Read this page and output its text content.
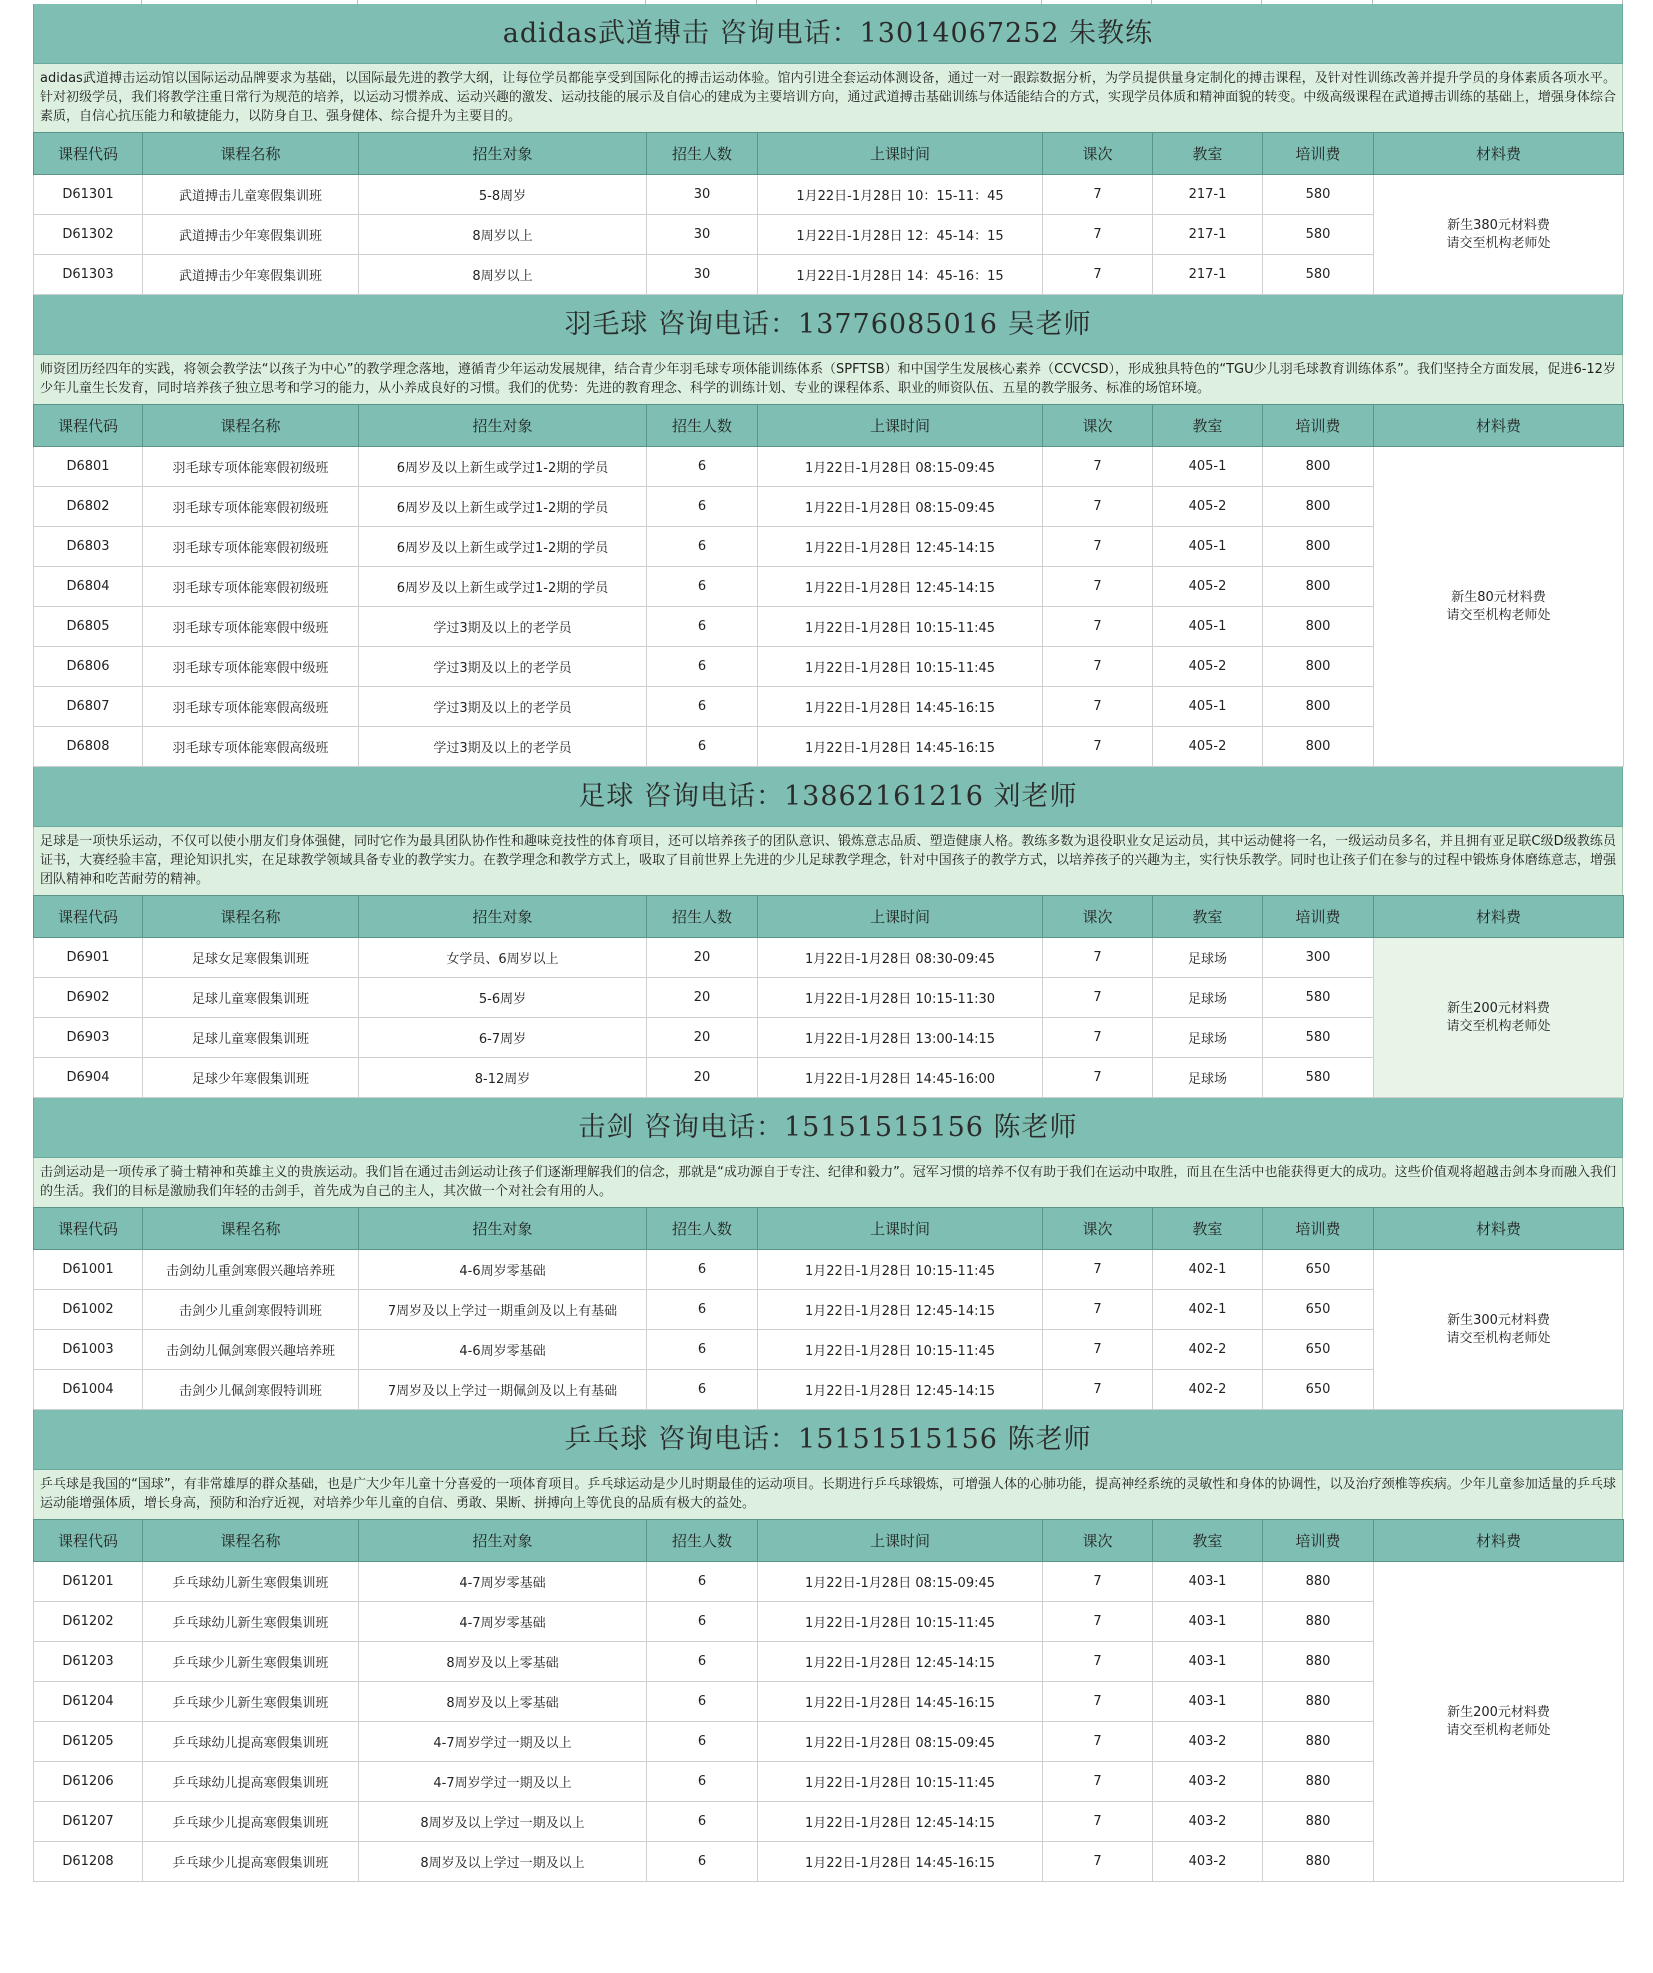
adidas武道搏击 咨询电话：13014067252 朱教练
adidas武道搏击运动馆以国际运动品牌要求为基础，以国际最先进的教学大纲，让每位学员都能享受到国际化的搏击运动体验。馆内引进全套运动体测设备，通过一对一跟踪数据分析，为学员提供量身定制化的搏击课程，及针对性训练改善并提升学员的身体素质各项水平。针对初级学员，我们将教学注重日常行为规范的培养，以运动习惯养成、运动兴趣的激发、运动技能的展示及自信心的建成为主要培训方向，通过武道搏击基础训练与体适能结合的方式，实现学员体质和精神面貌的转变。中级高级课程在武道搏击训练的基础上，增强身体综合素质，自信心抗压能力和敏捷能力，以防身自卫、强身健体、综合提升为主要目的。
课程代码	课程名称	招生对象	招生人数	上课时间	课次	教室	培训费	材料费
D61301	武道搏击儿童寒假集训班	5-8周岁	30	1月22日-1月28日 10：15-11：45	7	217-1	580	新生380元材料费
请交至机构老师处
D61302	武道搏击少年寒假集训班	8周岁以上	30	1月22日-1月28日 12：45-14：15	7	217-1	580	
D61303	武道搏击少年寒假集训班	8周岁以上	30	1月22日-1月28日 14：45-16：15	7	217-1	580	
羽毛球 咨询电话：13776085016 吴老师
师资团历经四年的实践，将领会教学法“以孩子为中心”的教学理念落地，遵循青少年运动发展规律，结合青少年羽毛球专项体能训练体系（SPFTSB）和中国学生发展核心素养（CCVCSD），形成独具特色的“TGU少儿羽毛球教育训练体系”。我们坚持全方面发展，促进6-12岁少年儿童生长发育，同时培养孩子独立思考和学习的能力，从小养成良好的习惯。我们的优势：先进的教育理念、科学的训练计划、专业的课程体系、职业的师资队伍、五星的教学服务、标准的场馆环境。
课程代码	课程名称	招生对象	招生人数	上课时间	课次	教室	培训费	材料费
D6801	羽毛球专项体能寒假初级班	6周岁及以上新生或学过1-2期的学员	6	1月22日-1月28日 08:15-09:45	7	405-1	800	新生80元材料费
请交至机构老师处
D6802	羽毛球专项体能寒假初级班	6周岁及以上新生或学过1-2期的学员	6	1月22日-1月28日 08:15-09:45	7	405-2	800	
D6803	羽毛球专项体能寒假初级班	6周岁及以上新生或学过1-2期的学员	6	1月22日-1月28日 12:45-14:15	7	405-1	800	
D6804	羽毛球专项体能寒假初级班	6周岁及以上新生或学过1-2期的学员	6	1月22日-1月28日 12:45-14:15	7	405-2	800	
D6805	羽毛球专项体能寒假中级班	学过3期及以上的老学员	6	1月22日-1月28日 10:15-11:45	7	405-1	800	
D6806	羽毛球专项体能寒假中级班	学过3期及以上的老学员	6	1月22日-1月28日 10:15-11:45	7	405-2	800	
D6807	羽毛球专项体能寒假高级班	学过3期及以上的老学员	6	1月22日-1月28日 14:45-16:15	7	405-1	800	
D6808	羽毛球专项体能寒假高级班	学过3期及以上的老学员	6	1月22日-1月28日 14:45-16:15	7	405-2	800	
足球 咨询电话：13862161216 刘老师
足球是一项快乐运动，不仅可以使小朋友们身体强健，同时它作为最具团队协作性和趣味竞技性的体育项目，还可以培养孩子的团队意识、锻炼意志品质、塑造健康人格。教练多数为退役职业女足运动员，其中运动健将一名，一级运动员多名，并且拥有亚足联C级D级教练员证书，大赛经验丰富，理论知识扎实，在足球教学领域具备专业的教学实力。在教学理念和教学方式上，吸取了目前世界上先进的少儿足球教学理念，针对中国孩子的教学方式，以培养孩子的兴趣为主，实行快乐教学。同时也让孩子们在参与的过程中锻炼身体磨练意志，增强团队精神和吃苦耐劳的精神。
课程代码	课程名称	招生对象	招生人数	上课时间	课次	教室	培训费	材料费
D6901	足球女足寒假集训班	女学员、6周岁以上	20	1月22日-1月28日 08:30-09:45	7	足球场	300	新生200元材料费
请交至机构老师处
D6902	足球儿童寒假集训班	5-6周岁	20	1月22日-1月28日 10:15-11:30	7	足球场	580	
D6903	足球儿童寒假集训班	6-7周岁	20	1月22日-1月28日 13:00-14:15	7	足球场	580	
D6904	足球少年寒假集训班	8-12周岁	20	1月22日-1月28日 14:45-16:00	7	足球场	580	
击剑 咨询电话：15151515156 陈老师
击剑运动是一项传承了骑士精神和英雄主义的贵族运动。我们旨在通过击剑运动让孩子们逐渐理解我们的信念，那就是“成功源自于专注、纪律和毅力”。冠军习惯的培养不仅有助于我们在运动中取胜，而且在生活中也能获得更大的成功。这些价值观将超越击剑本身而融入我们的生活。我们的目标是激励我们年轻的击剑手，首先成为自己的主人，其次做一个对社会有用的人。
课程代码	课程名称	招生对象	招生人数	上课时间	课次	教室	培训费	材料费
D61001	击剑幼儿重剑寒假兴趣培养班	4-6周岁零基础	6	1月22日-1月28日 10:15-11:45	7	402-1	650	新生300元材料费
请交至机构老师处
D61002	击剑少儿重剑寒假特训班	7周岁及以上学过一期重剑及以上有基础	6	1月22日-1月28日 12:45-14:15	7	402-1	650	
D61003	击剑幼儿佩剑寒假兴趣培养班	4-6周岁零基础	6	1月22日-1月28日 10:15-11:45	7	402-2	650	
D61004	击剑少儿佩剑寒假特训班	7周岁及以上学过一期佩剑及以上有基础	6	1月22日-1月28日 12:45-14:15	7	402-2	650	
乒乓球 咨询电话：15151515156 陈老师
乒乓球是我国的“国球”，有非常雄厚的群众基础，也是广大少年儿童十分喜爱的一项体育项目。乒乓球运动是少儿时期最佳的运动项目。长期进行乒乓球锻炼，可增强人体的心肺功能，提高神经系统的灵敏性和身体的协调性，以及治疗颈椎等疾病。少年儿童参加适量的乒乓球运动能增强体质，增长身高，预防和治疗近视，对培养少年儿童的自信、勇敢、果断、拼搏向上等优良的品质有极大的益处。
课程代码	课程名称	招生对象	招生人数	上课时间	课次	教室	培训费	材料费
D61201	乒乓球幼儿新生寒假集训班	4-7周岁零基础	6	1月22日-1月28日 08:15-09:45	7	403-1	880	新生200元材料费
请交至机构老师处
D61202	乒乓球幼儿新生寒假集训班	4-7周岁零基础	6	1月22日-1月28日 10:15-11:45	7	403-1	880	
D61203	乒乓球少儿新生寒假集训班	8周岁及以上零基础	6	1月22日-1月28日 12:45-14:15	7	403-1	880	
D61204	乒乓球少儿新生寒假集训班	8周岁及以上零基础	6	1月22日-1月28日 14:45-16:15	7	403-1	880	
D61205	乒乓球幼儿提高寒假集训班	4-7周岁学过一期及以上	6	1月22日-1月28日 08:15-09:45	7	403-2	880	
D61206	乒乓球幼儿提高寒假集训班	4-7周岁学过一期及以上	6	1月22日-1月28日 10:15-11:45	7	403-2	880	
D61207	乒乓球少儿提高寒假集训班	8周岁及以上学过一期及以上	6	1月22日-1月28日 12:45-14:15	7	403-2	880	
D61208	乒乓球少儿提高寒假集训班	8周岁及以上学过一期及以上	6	1月22日-1月28日 14:45-16:15	7	403-2	880	
